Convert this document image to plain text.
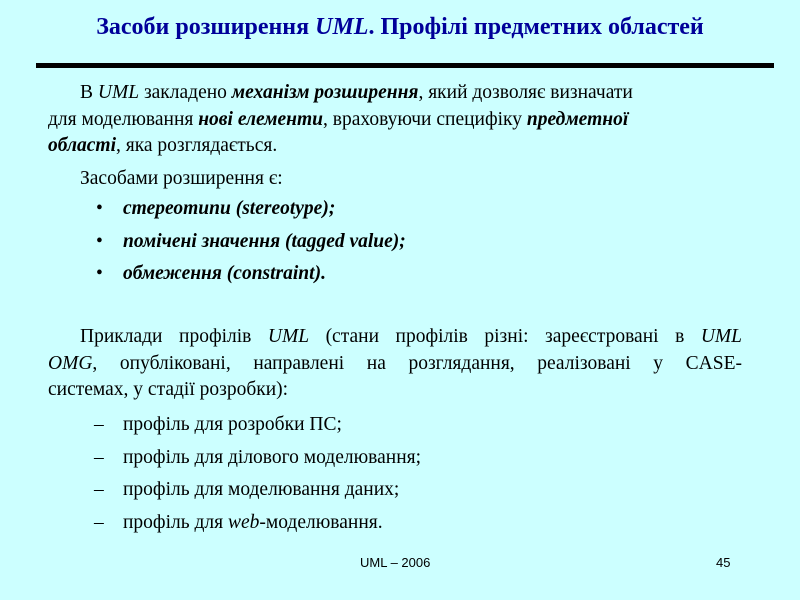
Засоби розширення UML. Профілі предметних областей
В UML закладено механізм розширення, який дозволяє визначати
для моделювання нові елементи, враховуючи специфіку предметної
області, яка розглядається.
Засобами розширення є:
• стереотипи (stereotype);
• помічені значення (tagged value);
• обмеження (constraint).
Приклади профілів UML (стани профілів різні: зареєстровані в UML
OMG, опубліковані, направлені на розглядання, реалізовані у CASE-
системах, у стадії розробки):
– профіль для розробки ПС;
– профіль для ділового моделювання;
– профіль для моделювання даних;
– профіль для web-моделювання.
UML – 2006	45
